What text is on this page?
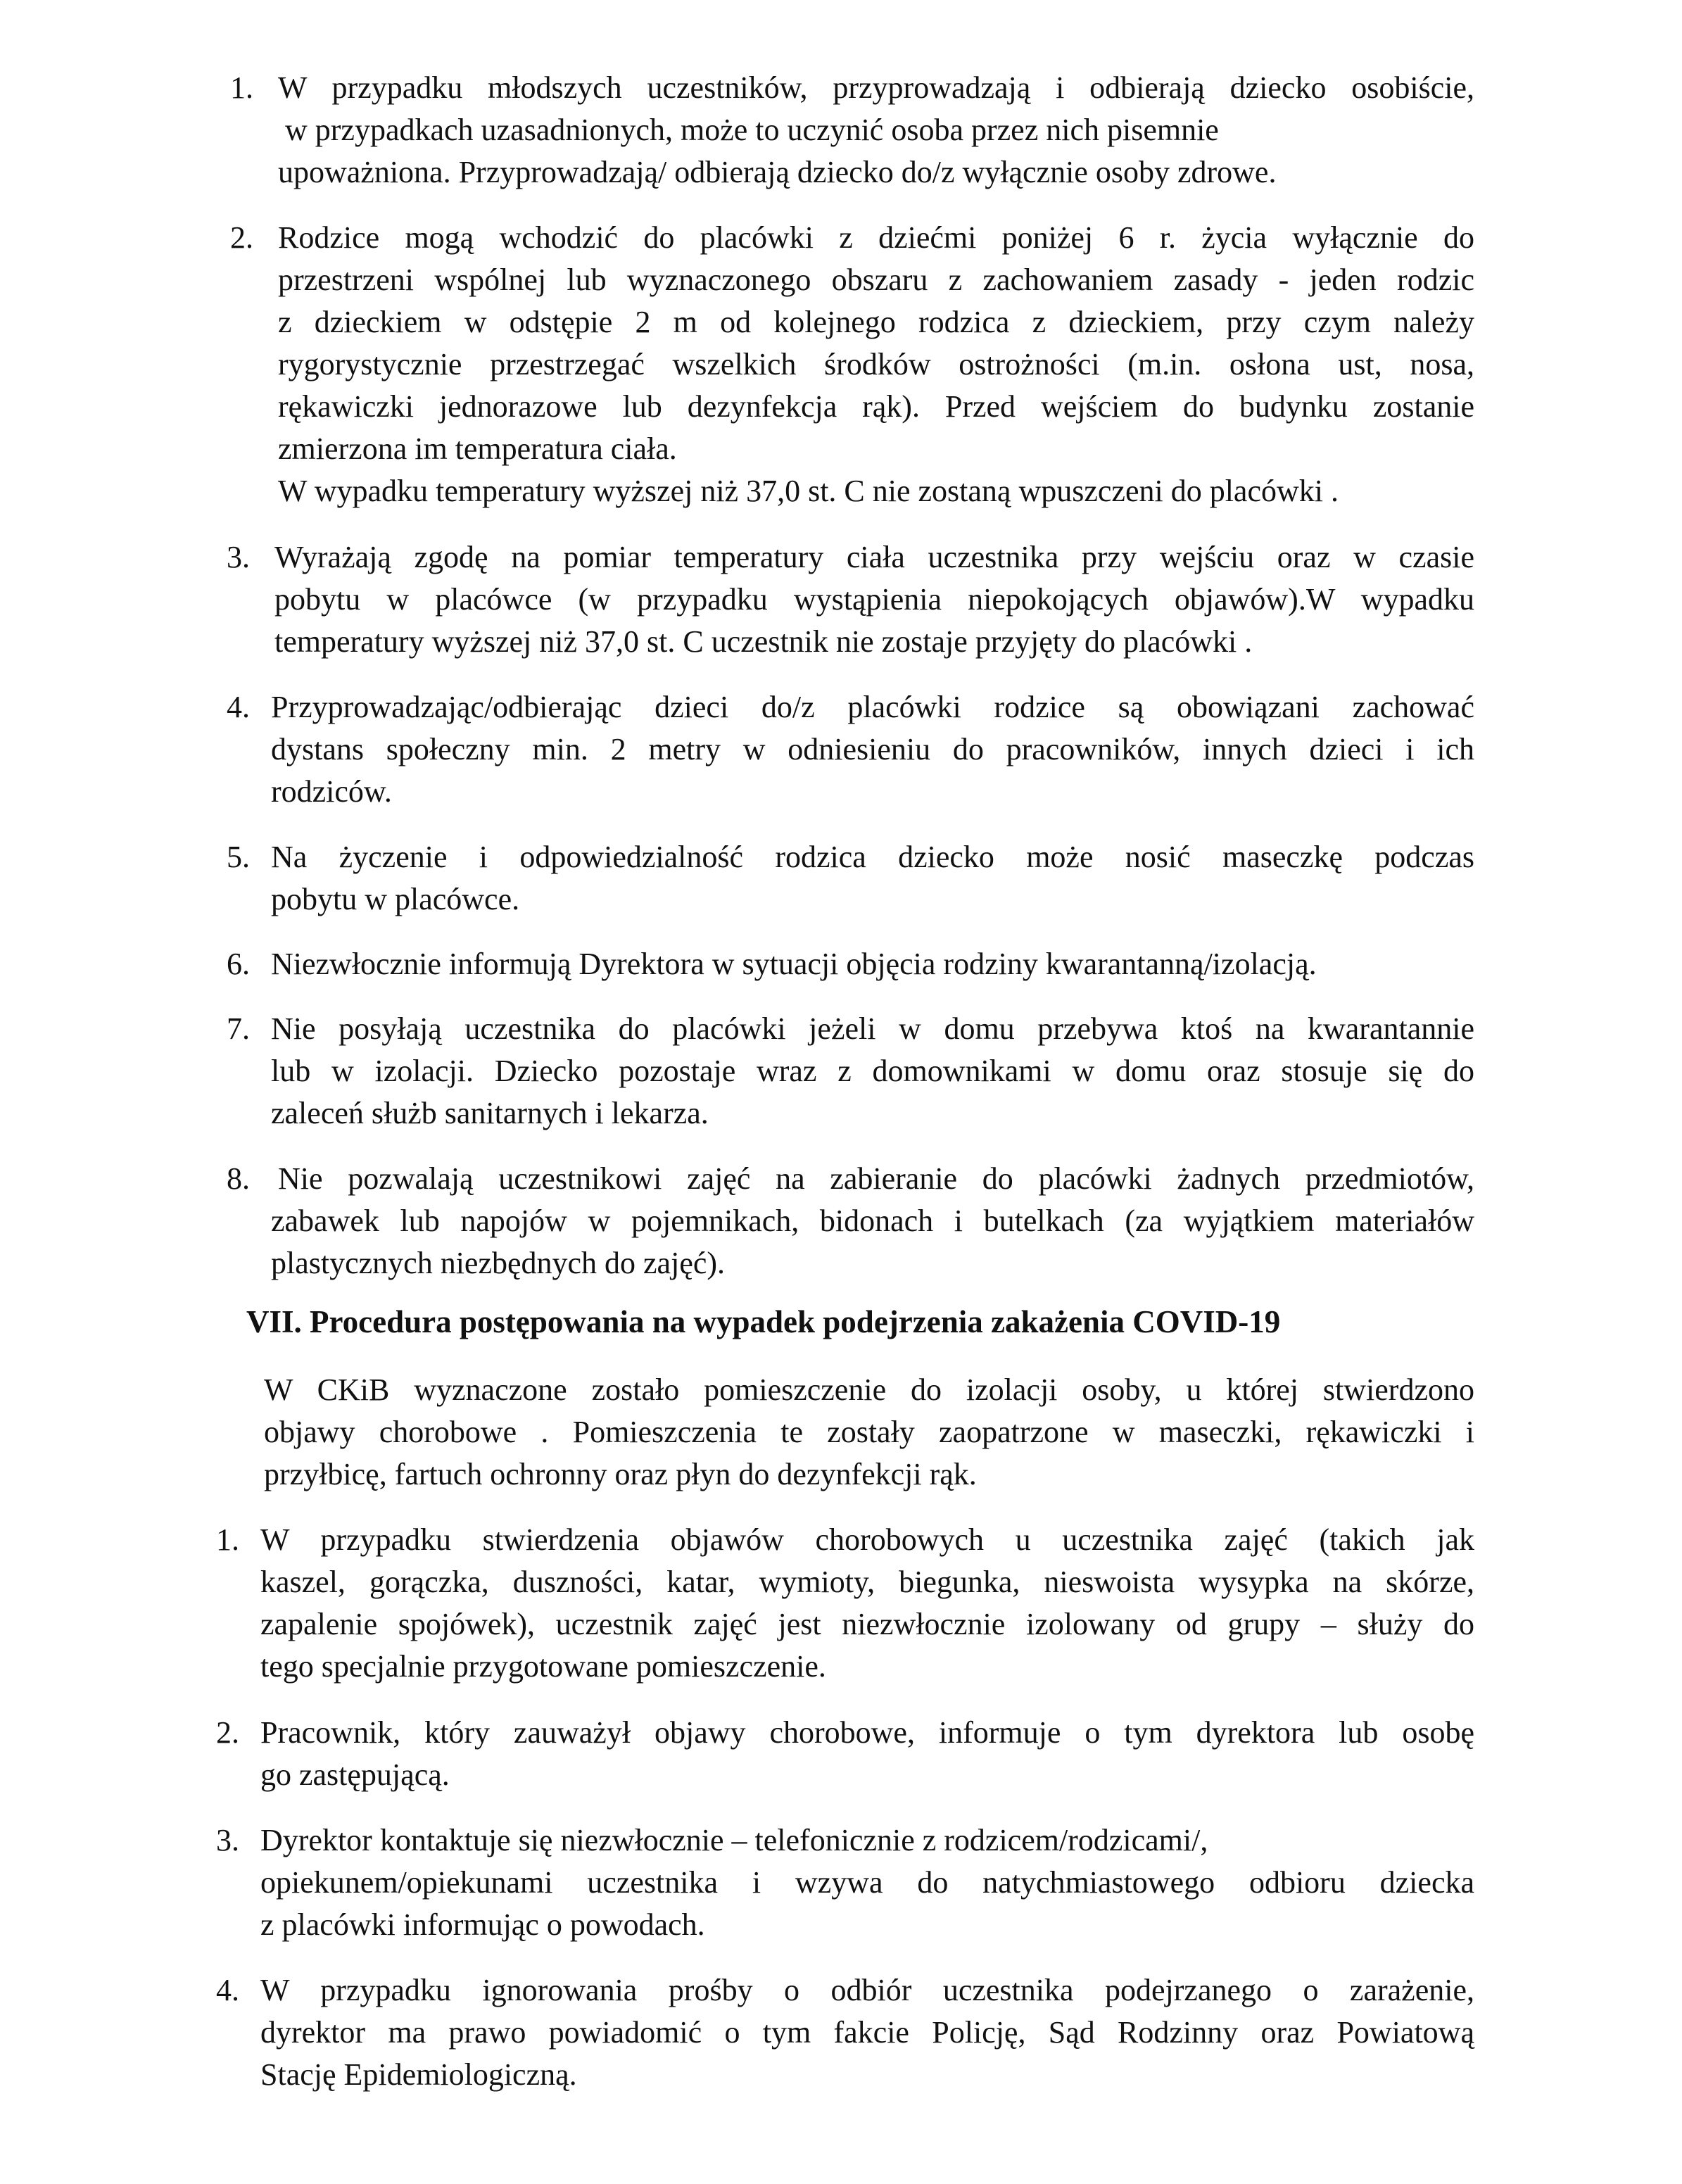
1. W przypadku młodszych uczestników, przyprowadzają i odbierają dziecko osobiście,
w przypadkach uzasadnionych, może to uczynić osoba przez nich pisemnie
upoważniona. Przyprowadzają/ odbierają dziecko do/z wyłącznie osoby zdrowe.
2. Rodzice mogą wchodzić do placówki z dziećmi poniżej 6 r. życia wyłącznie do
przestrzeni wspólnej lub wyznaczonego obszaru z zachowaniem zasady - jeden rodzic
z dzieckiem w odstępie 2 m od kolejnego rodzica z dzieckiem, przy czym należy
rygorystycznie przestrzegać wszelkich środków ostrożności (m.in. osłona ust, nosa,
rękawiczki jednorazowe lub dezynfekcja rąk). Przed wejściem do budynku zostanie
zmierzona im temperatura ciała.
W wypadku temperatury wyższej niż 37,0 st. C nie zostaną wpuszczeni do placówki .
3. Wyrażają zgodę na pomiar temperatury ciała uczestnika przy wejściu oraz w czasie
pobytu w placówce (w przypadku wystąpienia niepokojących objawów).W wypadku
temperatury wyższej niż 37,0 st. C uczestnik nie zostaje przyjęty do placówki .
4. Przyprowadzając/odbierając dzieci do/z placówki rodzice są obowiązani zachować
dystans społeczny min. 2 metry w odniesieniu do pracowników, innych dzieci i ich
rodziców.
5. Na życzenie i odpowiedzialność rodzica dziecko może nosić maseczkę podczas
pobytu w placówce.
6. Niezwłocznie informują Dyrektora w sytuacji objęcia rodziny kwarantanną/izolacją.
7. Nie posyłają uczestnika do placówki jeżeli w domu przebywa ktoś na kwarantannie
lub w izolacji. Dziecko pozostaje wraz z domownikami w domu oraz stosuje się do
zaleceń służb sanitarnych i lekarza.
8. Nie pozwalają uczestnikowi zajęć na zabieranie do placówki żadnych przedmiotów,
zabawek lub napojów w pojemnikach, bidonach i butelkach (za wyjątkiem materiałów
plastycznych niezbędnych do zajęć).
VII. Procedura postępowania na wypadek podejrzenia zakażenia COVID-19
W CKiB wyznaczone zostało pomieszczenie do izolacji osoby, u której stwierdzono
objawy chorobowe . Pomieszczenia te zostały zaopatrzone w maseczki, rękawiczki i
przyłbicę, fartuch ochronny oraz płyn do dezynfekcji rąk.
1. W przypadku stwierdzenia objawów chorobowych u uczestnika zajęć (takich jak
kaszel, gorączka, duszności, katar, wymioty, biegunka, nieswoista wysypka na skórze,
zapalenie spojówek), uczestnik zajęć jest niezwłocznie izolowany od grupy – służy do
tego specjalnie przygotowane pomieszczenie.
2. Pracownik, który zauważył objawy chorobowe, informuje o tym dyrektora lub osobę
go zastępującą.
3. Dyrektor kontaktuje się niezwłocznie – telefonicznie z rodzicem/rodzicami/,
opiekunem/opiekunami uczestnika i wzywa do natychmiastowego odbioru dziecka
z placówki informując o powodach.
4. W przypadku ignorowania prośby o odbiór uczestnika podejrzanego o zarażenie,
dyrektor ma prawo powiadomić o tym fakcie Policję, Sąd Rodzinny oraz Powiatową
Stację Epidemiologiczną.
